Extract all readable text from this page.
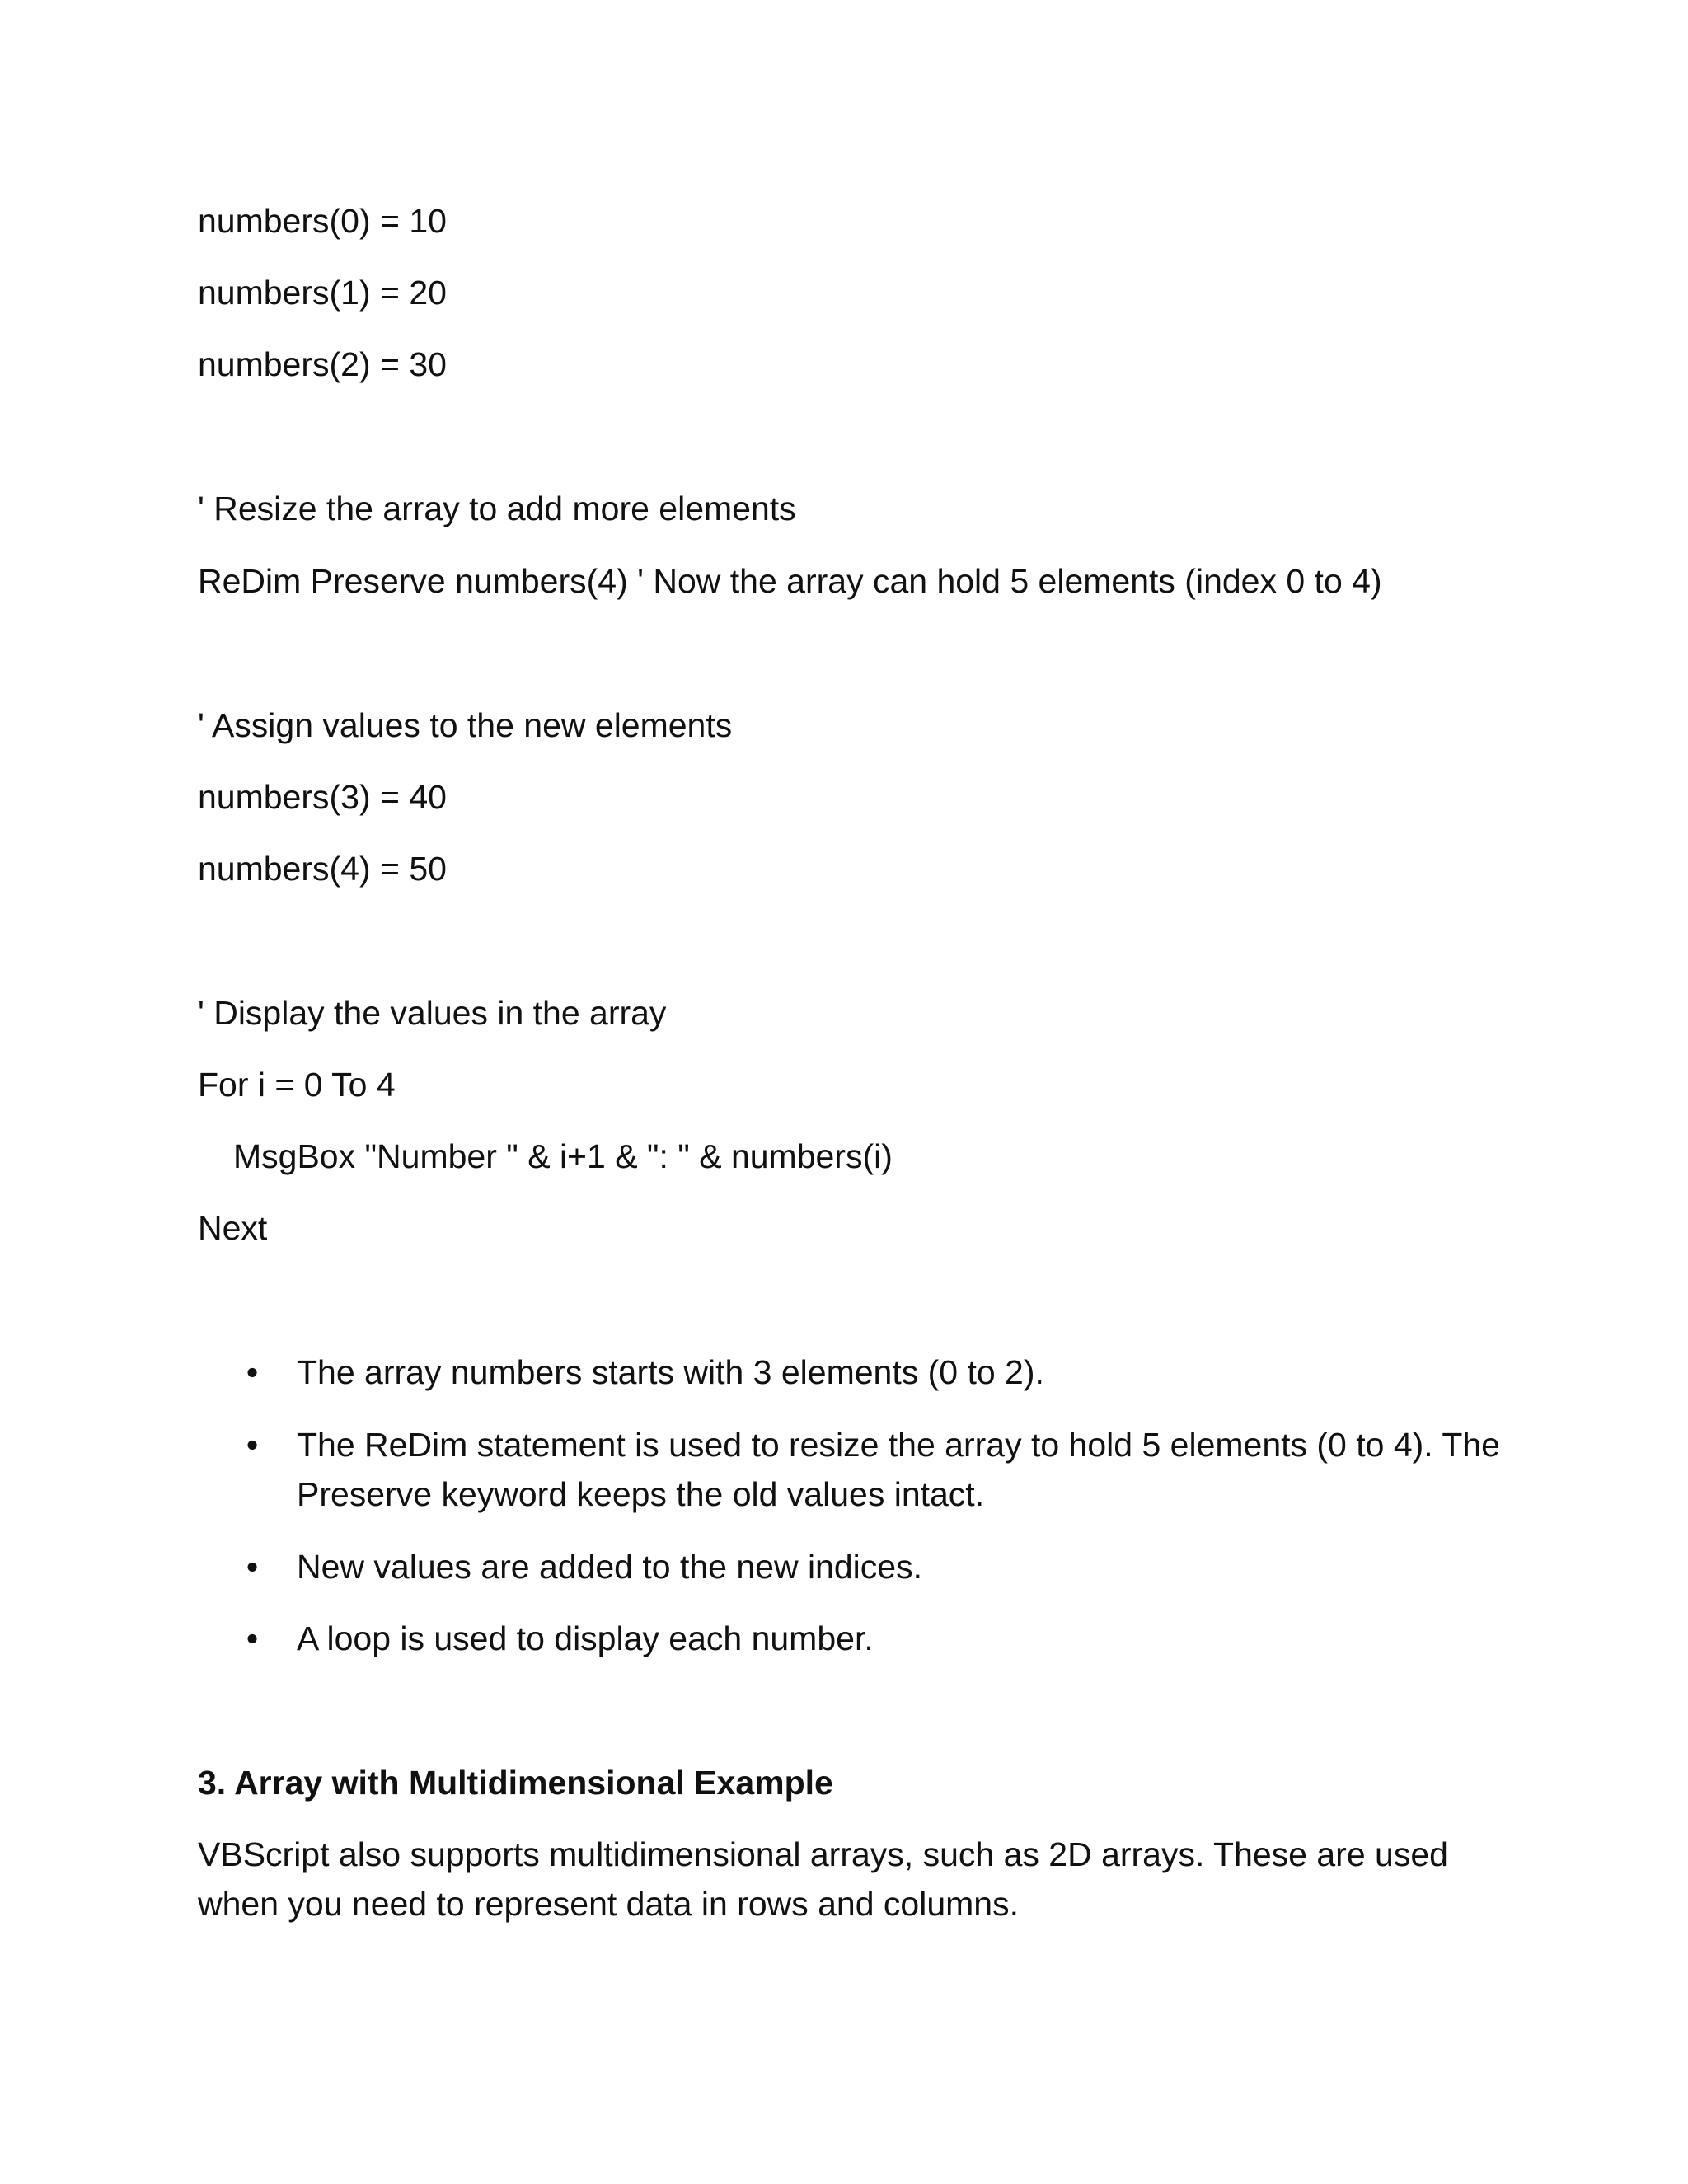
numbers(0) = 10
numbers(1) = 20
numbers(2) = 30
' Resize the array to add more elements
ReDim Preserve numbers(4) ' Now the array can hold 5 elements (index 0 to 4)
' Assign values to the new elements
numbers(3) = 40
numbers(4) = 50
' Display the values in the array
For i = 0 To 4
MsgBox "Number " & i+1 & ": " & numbers(i)
Next
• The array numbers starts with 3 elements (0 to 2).
• The ReDim statement is used to resize the array to hold 5 elements (0 to 4). The Preserve keyword keeps the old values intact.
• New values are added to the new indices.
• A loop is used to display each number.
3. Array with Multidimensional Example
VBScript also supports multidimensional arrays, such as 2D arrays. These are used when you need to represent data in rows and columns.
